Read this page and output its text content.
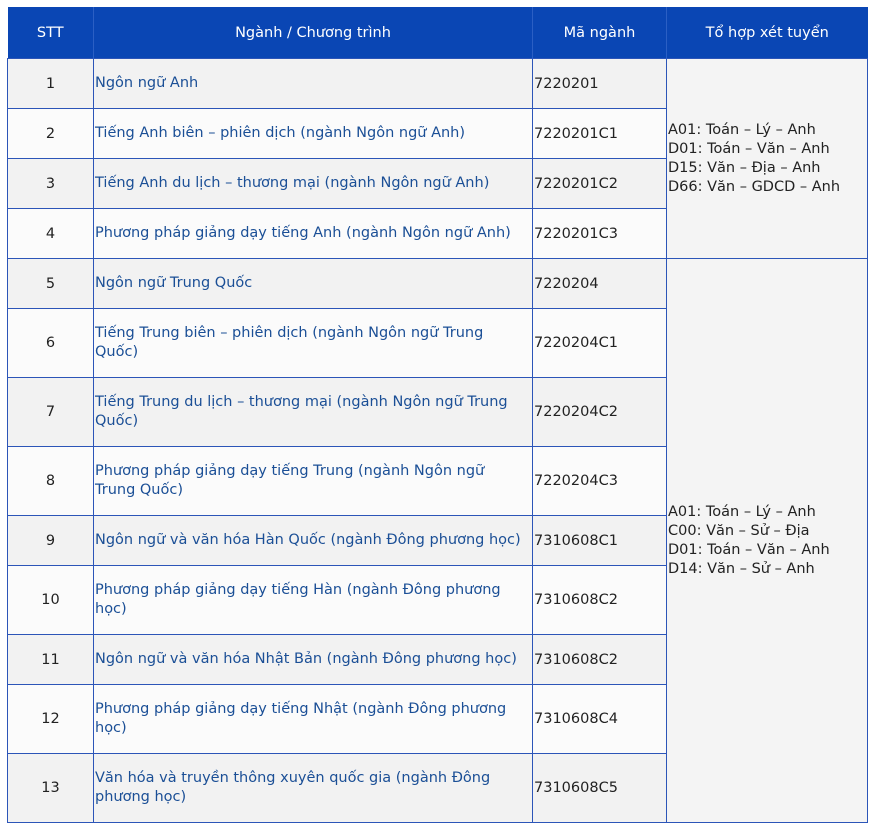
STT	Ngành / Chương trình	Mã ngành	Tổ hợp xét tuyển
1	Ngôn ngữ Anh	7220201	A01: Toán – Lý – Anh
D01: Toán – Văn – Anh
D15: Văn – Địa – Anh
D66: Văn – GDCD – Anh

2	Tiếng Anh biên – phiên dịch (ngành Ngôn ngữ Anh)	7220201C1	
3	Tiếng Anh du lịch – thương mại (ngành Ngôn ngữ Anh)	7220201C2	
4	Phương pháp giảng dạy tiếng Anh (ngành Ngôn ngữ Anh)	7220201C3	
5	Ngôn ngữ Trung Quốc	7220204	A01: Toán – Lý – Anh
C00: Văn – Sử – Địa
D01: Toán – Văn – Anh
D14: Văn – Sử – Anh

6	Tiếng Trung biên – phiên dịch (ngành Ngôn ngữ Trung Quốc)	7220204C1	
7	Tiếng Trung du lịch – thương mại (ngành Ngôn ngữ Trung Quốc)	7220204C2	
8	Phương pháp giảng dạy tiếng Trung (ngành Ngôn ngữ Trung Quốc)	7220204C3	
9	Ngôn ngữ và văn hóa Hàn Quốc (ngành Đông phương học)	7310608C1	
10	Phương pháp giảng dạy tiếng Hàn (ngành Đông phương học)	7310608C2	
11	Ngôn ngữ và văn hóa Nhật Bản (ngành Đông phương học)	7310608C2	
12	Phương pháp giảng dạy tiếng Nhật (ngành Đông phương học)	7310608C4	
13	Văn hóa và truyền thông xuyên quốc gia (ngành Đông phương học)	7310608C5	
